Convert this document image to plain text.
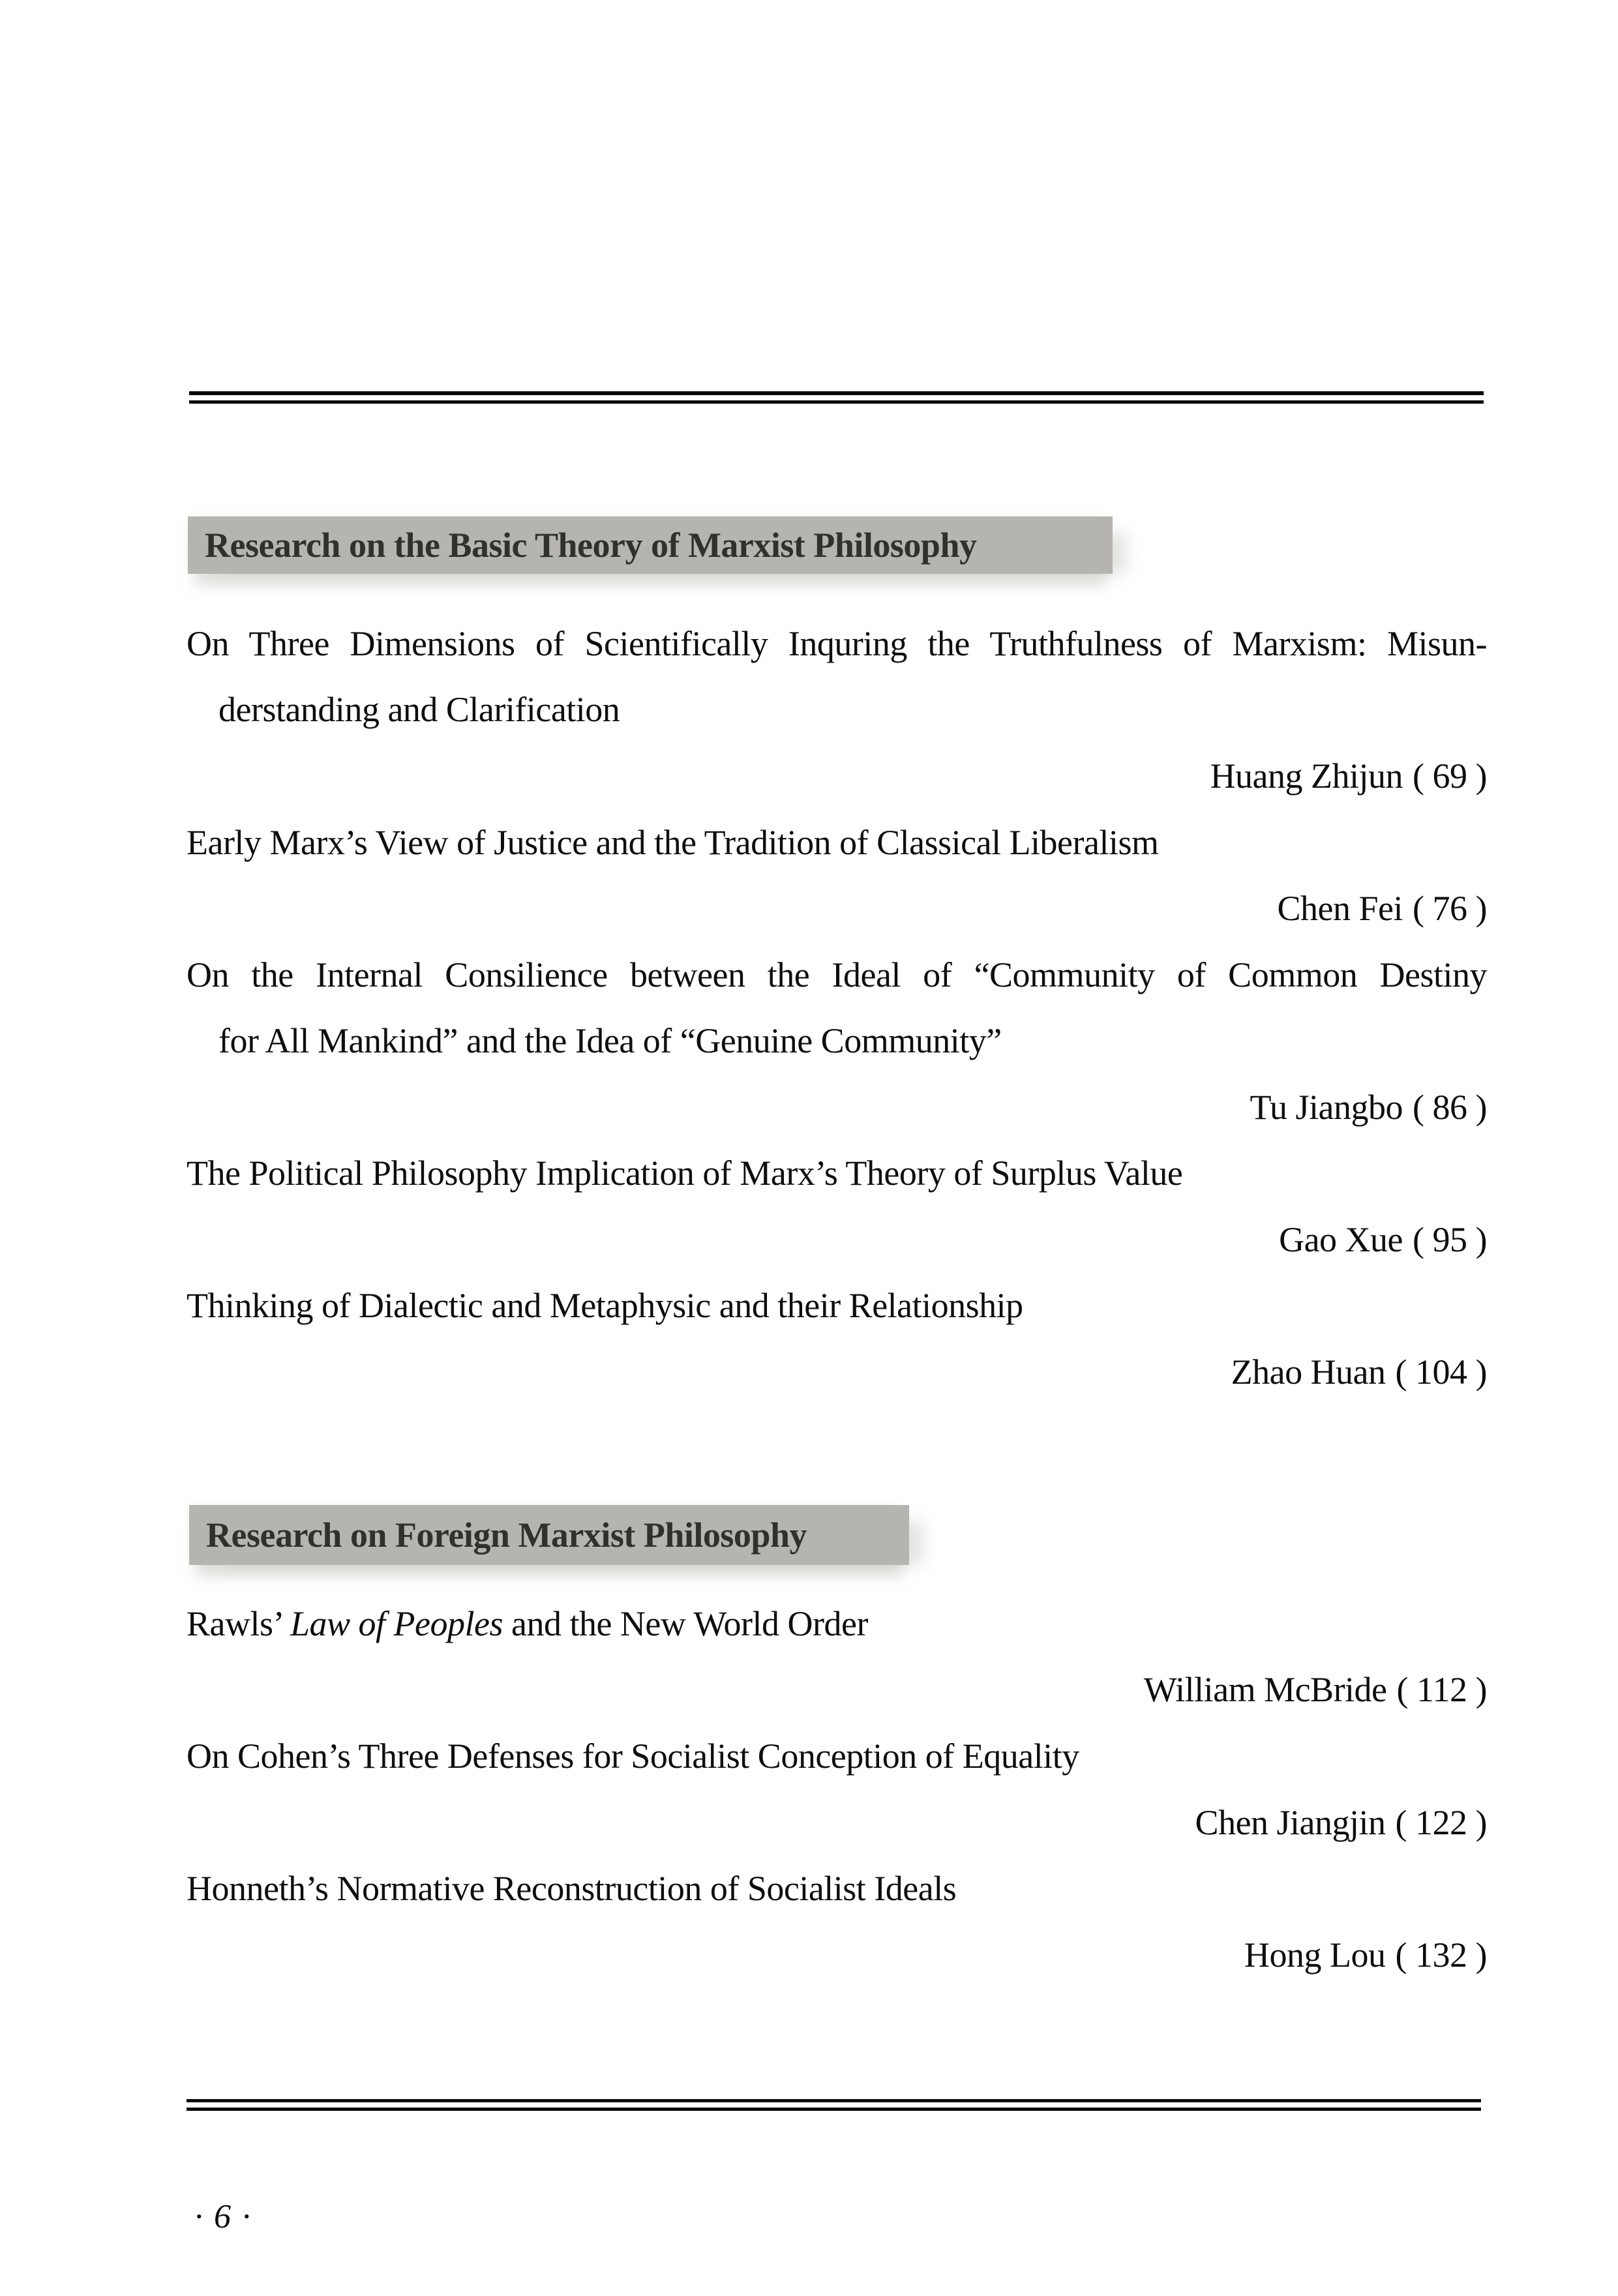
Research on the Basic Theory of Marxist Philosophy
On Three Dimensions of Scientifically Inquring the Truthfulness of Marxism: Misun-
derstanding and Clarification
Huang Zhijun ( 69 )
Early Marx’s View of Justice and the Tradition of Classical Liberalism
Chen Fei ( 76 )
On the Internal Consilience between the Ideal of “Community of Common Destiny
for All Mankind” and the Idea of “Genuine Community”
Tu Jiangbo ( 86 )
The Political Philosophy Implication of Marx’s Theory of Surplus Value
Gao Xue ( 95 )
Thinking of Dialectic and Metaphysic and their Relationship
Zhao Huan ( 104 )
Research on Foreign Marxist Philosophy
Rawls’ Law of Peoples and the New World Order
William McBride ( 112 )
On Cohen’s Three Defenses for Socialist Conception of Equality
Chen Jiangjin ( 122 )
Honneth’s Normative Reconstruction of Socialist Ideals
Hong Lou ( 132 )
· 6 ·
